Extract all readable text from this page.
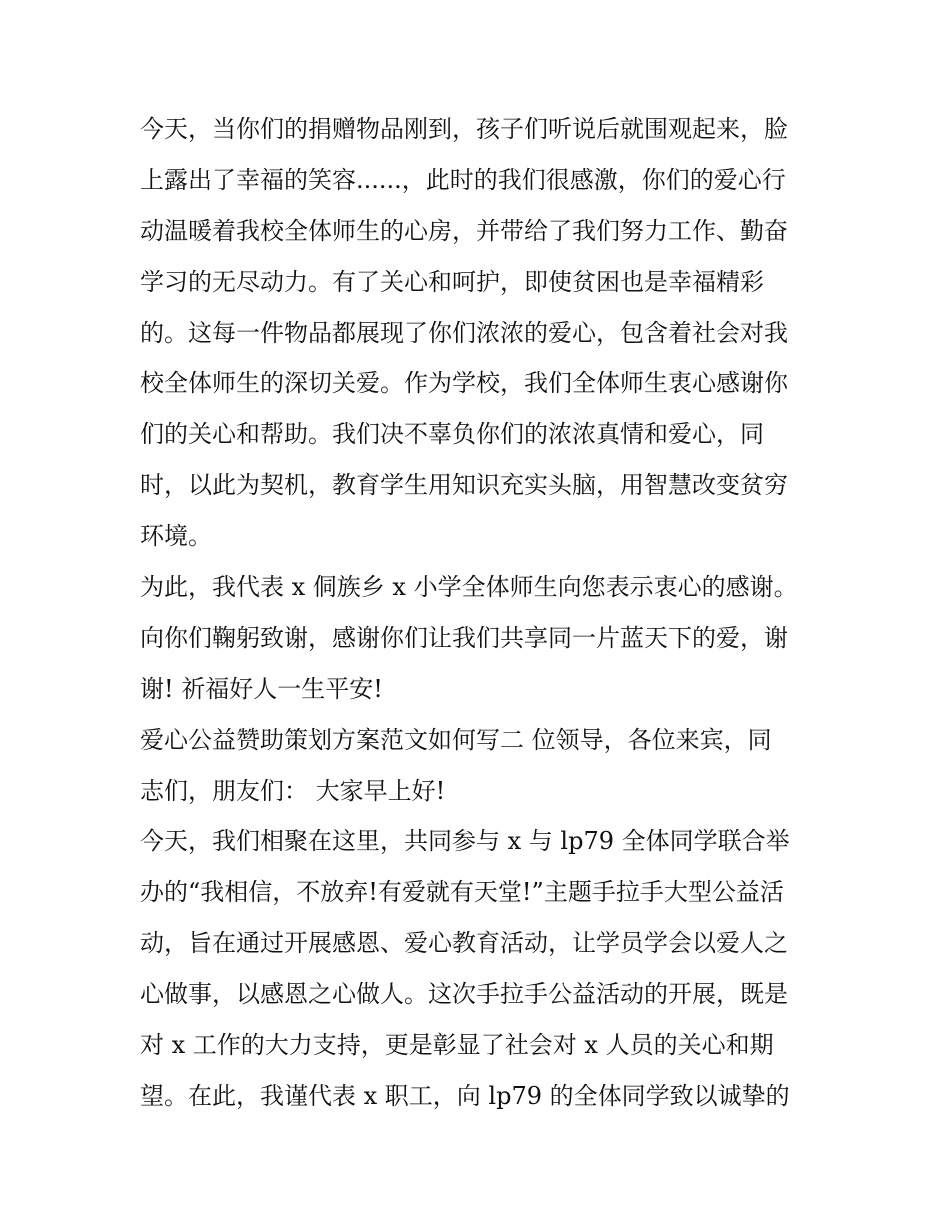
今天，当你们的捐赠物品刚到，孩子们听说后就围观起来，脸
上露出了幸福的笑容......，此时的我们很感激，你们的爱心行
动温暖着我校全体师生的心房，并带给了我们努力工作、勤奋
学习的无尽动力。有了关心和呵护，即使贫困也是幸福精彩
的。这每一件物品都展现了你们浓浓的爱心，包含着社会对我
校全体师生的深切关爱。作为学校，我们全体师生衷心感谢你
们的关心和帮助。我们决不辜负你们的浓浓真情和爱心，同
时，以此为契机，教育学生用知识充实头脑，用智慧改变贫穷
环境。
为此，我代表 x 侗族乡 x 小学全体师生向您表示衷心的感谢。
向你们鞠躬致谢，感谢你们让我们共享同一片蓝天下的爱，谢
谢! 祈福好人一生平安!
爱心公益赞助策划方案范文如何写二 位领导，各位来宾，同
志们，朋友们： 大家早上好!
今天，我们相聚在这里，共同参与 x 与 lp79 全体同学联合举
办的“我相信，不放弃!有爱就有天堂!”主题手拉手大型公益活
动，旨在通过开展感恩、爱心教育活动，让学员学会以爱人之
心做事，以感恩之心做人。这次手拉手公益活动的开展，既是
对 x 工作的大力支持，更是彰显了社会对 x 人员的关心和期
望。在此，我谨代表 x 职工，向 lp79 的全体同学致以诚挚的
